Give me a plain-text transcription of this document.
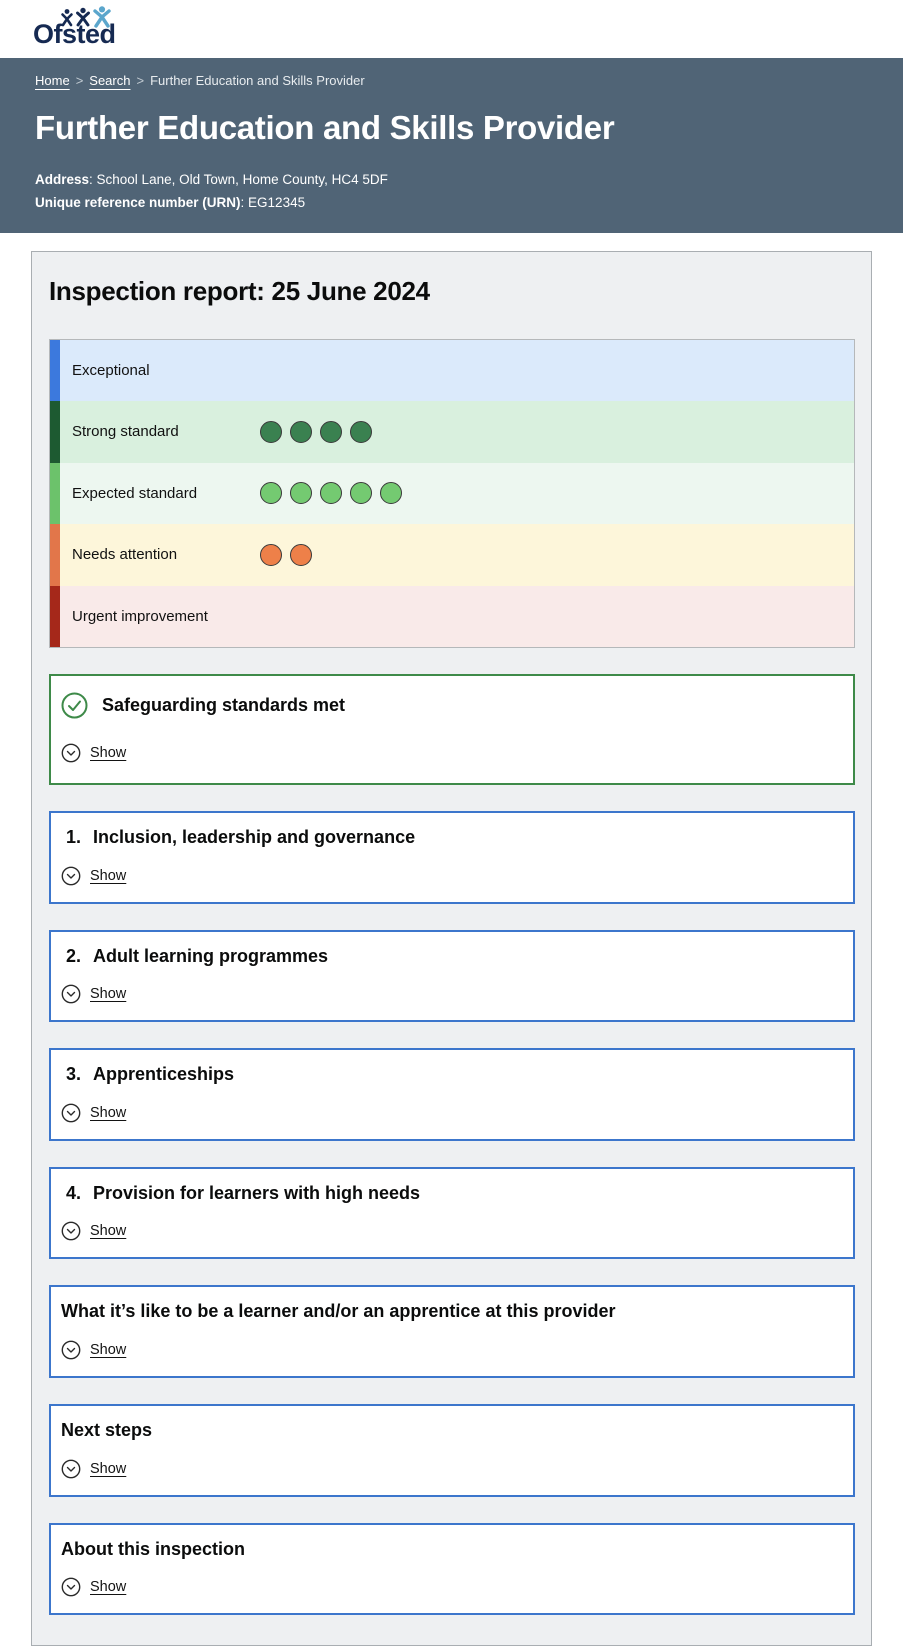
Ofsted
Home > Search > Further Education and Skills Provider
Further Education and Skills Provider
Address: School Lane, Old Town, Home County, HC4 5DF
Unique reference number (URN): EG12345
Inspection report: 25 June 2024
Exceptional
Strong standard
Expected standard
Needs attention
Urgent improvement
Safeguarding standards met
Show
1. Inclusion, leadership and governance
Show
2. Adult learning programmes
Show
3. Apprenticeships
Show
4. Provision for learners with high needs
Show
What it’s like to be a learner and/or an apprentice at this provider
Show
Next steps
Show
About this inspection
Show
